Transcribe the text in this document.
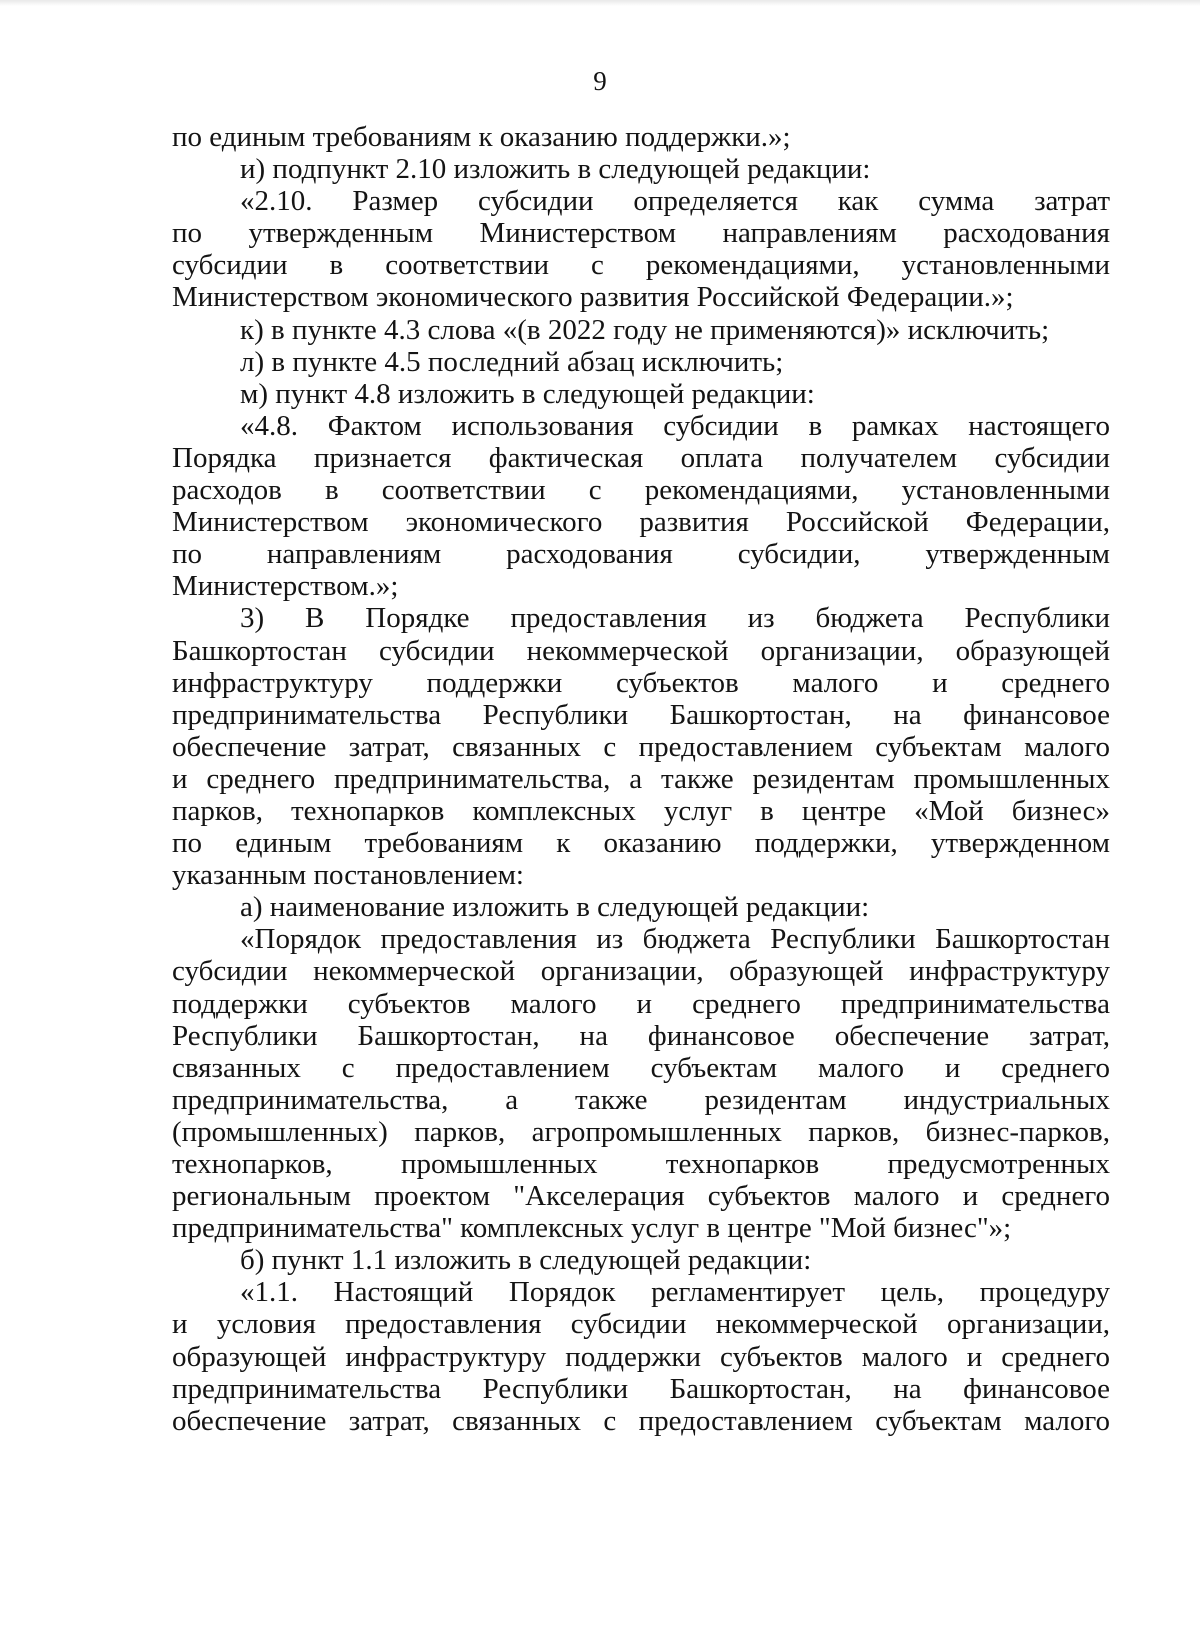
9
по единым требованиям к оказанию поддержки.»;
и) подпункт 2.10 изложить в следующей редакции:
«2.10. Размер субсидии определяется как сумма затрат
по утвержденным Министерством направлениям расходования
субсидии в соответствии с рекомендациями, установленными
Министерством экономического развития Российской Федерации.»;
к) в пункте 4.3 слова «(в 2022 году не применяются)» исключить;
л) в пункте 4.5 последний абзац исключить;
м) пункт 4.8 изложить в следующей редакции:
«4.8. Фактом использования субсидии в рамках настоящего
Порядка признается фактическая оплата получателем субсидии
расходов в соответствии с рекомендациями, установленными
Министерством экономического развития Российской Федерации,
по направлениям расходования субсидии, утвержденным
Министерством.»;
3) В Порядке предоставления из бюджета Республики
Башкортостан субсидии некоммерческой организации, образующей
инфраструктуру поддержки субъектов малого и среднего
предпринимательства Республики Башкортостан, на финансовое
обеспечение затрат, связанных с предоставлением субъектам малого
и среднего предпринимательства, а также резидентам промышленных
парков, технопарков комплексных услуг в центре «Мой бизнес»
по единым требованиям к оказанию поддержки, утвержденном
указанным постановлением:
а) наименование изложить в следующей редакции:
«Порядок предоставления из бюджета Республики Башкортостан
субсидии некоммерческой организации, образующей инфраструктуру
поддержки субъектов малого и среднего предпринимательства
Республики Башкортостан, на финансовое обеспечение затрат,
связанных с предоставлением субъектам малого и среднего
предпринимательства, а также резидентам индустриальных
(промышленных) парков, агропромышленных парков, бизнес-парков,
технопарков, промышленных технопарков предусмотренных
региональным проектом "Акселерация субъектов малого и среднего
предпринимательства" комплексных услуг в центре "Мой бизнес"»;
б) пункт 1.1 изложить в следующей редакции:
«1.1. Настоящий Порядок регламентирует цель, процедуру
и условия предоставления субсидии некоммерческой организации,
образующей инфраструктуру поддержки субъектов малого и среднего
предпринимательства Республики Башкортостан, на финансовое
обеспечение затрат, связанных с предоставлением субъектам малого
